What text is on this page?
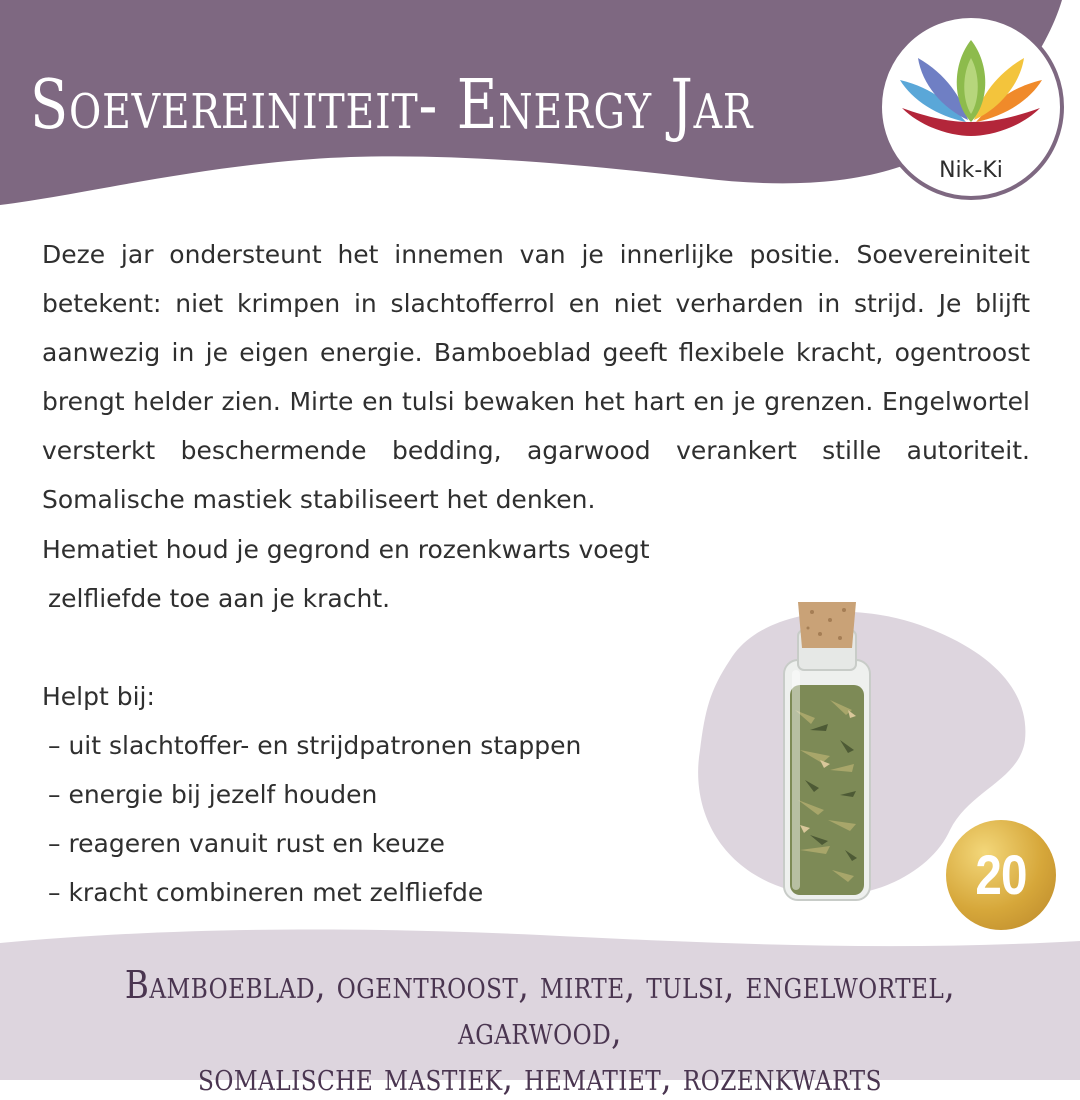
Soevereiniteit- Energy Jar
Nik-Ki

Deze jar ondersteunt het innemen van je innerlijke positie. Soevereiniteit betekent: niet krimpen in slachtofferrol en niet verharden in strijd. Je blijft aanwezig in je eigen energie. Bamboeblad geeft flexibele kracht, ogentroost brengt helder zien. Mirte en tulsi bewaken het hart en je grenzen. Engelwortel versterkt beschermende bedding, agarwood verankert stille autoriteit. Somalische mastiek stabiliseert het denken.

Hematiet houd je gegrond en rozenkwarts voegt
zelfliefde toe aan je kracht.
Helpt bij:
– uit slachtoffer- en strijdpatronen stappen
– energie bij jezelf houden
– reageren vanuit rust en keuze
– kracht combineren met zelfliefde	20
Bamboeblad, ogentroost, mirte, tulsi, engelwortel, agarwood,
somalische mastiek, hematiet, rozenkwarts
